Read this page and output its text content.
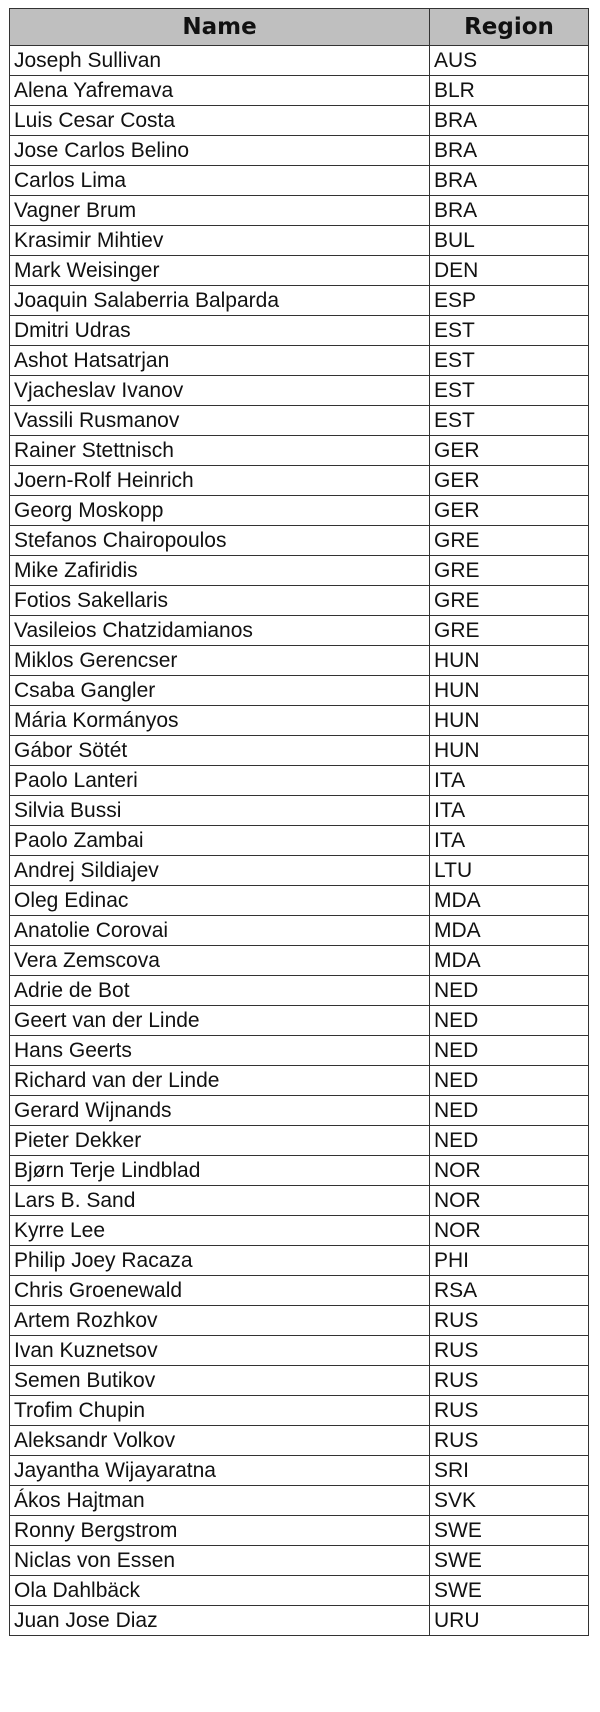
Name	Region
Joseph Sullivan	AUS
Alena Yafremava	BLR
Luis Cesar Costa	BRA
Jose Carlos Belino	BRA
Carlos Lima	BRA
Vagner Brum	BRA
Krasimir Mihtiev	BUL
Mark Weisinger	DEN
Joaquin Salaberria Balparda	ESP
Dmitri Udras	EST
Ashot Hatsatrjan	EST
Vjacheslav Ivanov	EST
Vassili Rusmanov	EST
Rainer Stettnisch	GER
Joern-Rolf Heinrich	GER
Georg Moskopp	GER
Stefanos Chairopoulos	GRE
Mike Zafiridis	GRE
Fotios Sakellaris	GRE
Vasileios Chatzidamianos	GRE
Miklos Gerencser	HUN
Csaba Gangler	HUN
Mária Kormányos	HUN
Gábor Sötét	HUN
Paolo Lanteri	ITA
Silvia Bussi	ITA
Paolo Zambai	ITA
Andrej Sildiajev	LTU
Oleg Edinac	MDA
Anatolie Corovai	MDA
Vera Zemscova	MDA
Adrie de Bot	NED
Geert van der Linde	NED
Hans Geerts	NED
Richard van der Linde	NED
Gerard Wijnands	NED
Pieter Dekker	NED
Bjørn Terje Lindblad	NOR
Lars B. Sand	NOR
Kyrre Lee	NOR
Philip Joey Racaza	PHI
Chris Groenewald	RSA
Artem Rozhkov	RUS
Ivan Kuznetsov	RUS
Semen Butikov	RUS
Trofim Chupin	RUS
Aleksandr Volkov	RUS
Jayantha Wijayaratna	SRI
Ákos Hajtman	SVK
Ronny Bergstrom	SWE
Niclas von Essen	SWE
Ola Dahlbäck	SWE
Juan Jose Diaz	URU
